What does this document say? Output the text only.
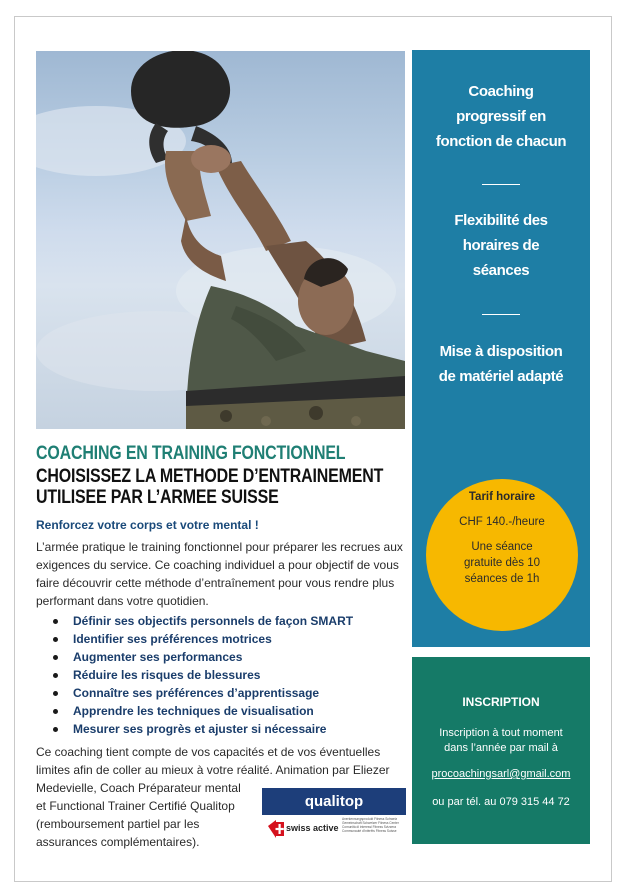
COACHING EN TRAINING FONCTIONNEL
CHOISISSEZ LA METHODE D’ENTRAINEMENT
UTILISEE PAR L’ARMEE SUISSE
Renforcez votre corps et votre mental !
L’armée pratique le training fonctionnel pour préparer les recrues aux exigences du service. Ce coaching individuel a pour objectif de vous faire découvrir cette méthode d’entraînement pour vous rendre plus performant dans votre quotidien.
Définir ses objectifs personnels de façon SMART
Identifier ses préférences motrices
Augmenter ses performances
Réduire les risques de blessures
Connaître ses préférences d’apprentissage
Apprendre les techniques de visualisation
Mesurer ses progrès et ajuster si nécessaire
Ce coaching tient compte de vos capacités et de vos éventuelles
limites afin de coller au mieux à votre réalité. Animation par Eliezer
Medevielle, Coach Préparateur mental
et Functional Trainer Certifié Qualitop
(remboursement partiel par les
assurances complémentaires).
qualitop
swiss active
Anerkennungsprodukt Fitness Schweiz
Gemeinschaft Schweizer Fitness Center
Comunità di interessi Fitness Svizzera
Communauté d'intérêts Fitness Suisse
Coaching
progressif en
fonction de chacun
Flexibilité des
horaires de
séances
Mise à disposition
de matériel adapté
Tarif horaire
CHF 140.-/heure
Une séance gratuite dès 10 séances de 1h
INSCRIPTION
Inscription à tout moment dans l’année par mail à
procoachingsarl@gmail.com
ou par tél. au 079 315 44 72
